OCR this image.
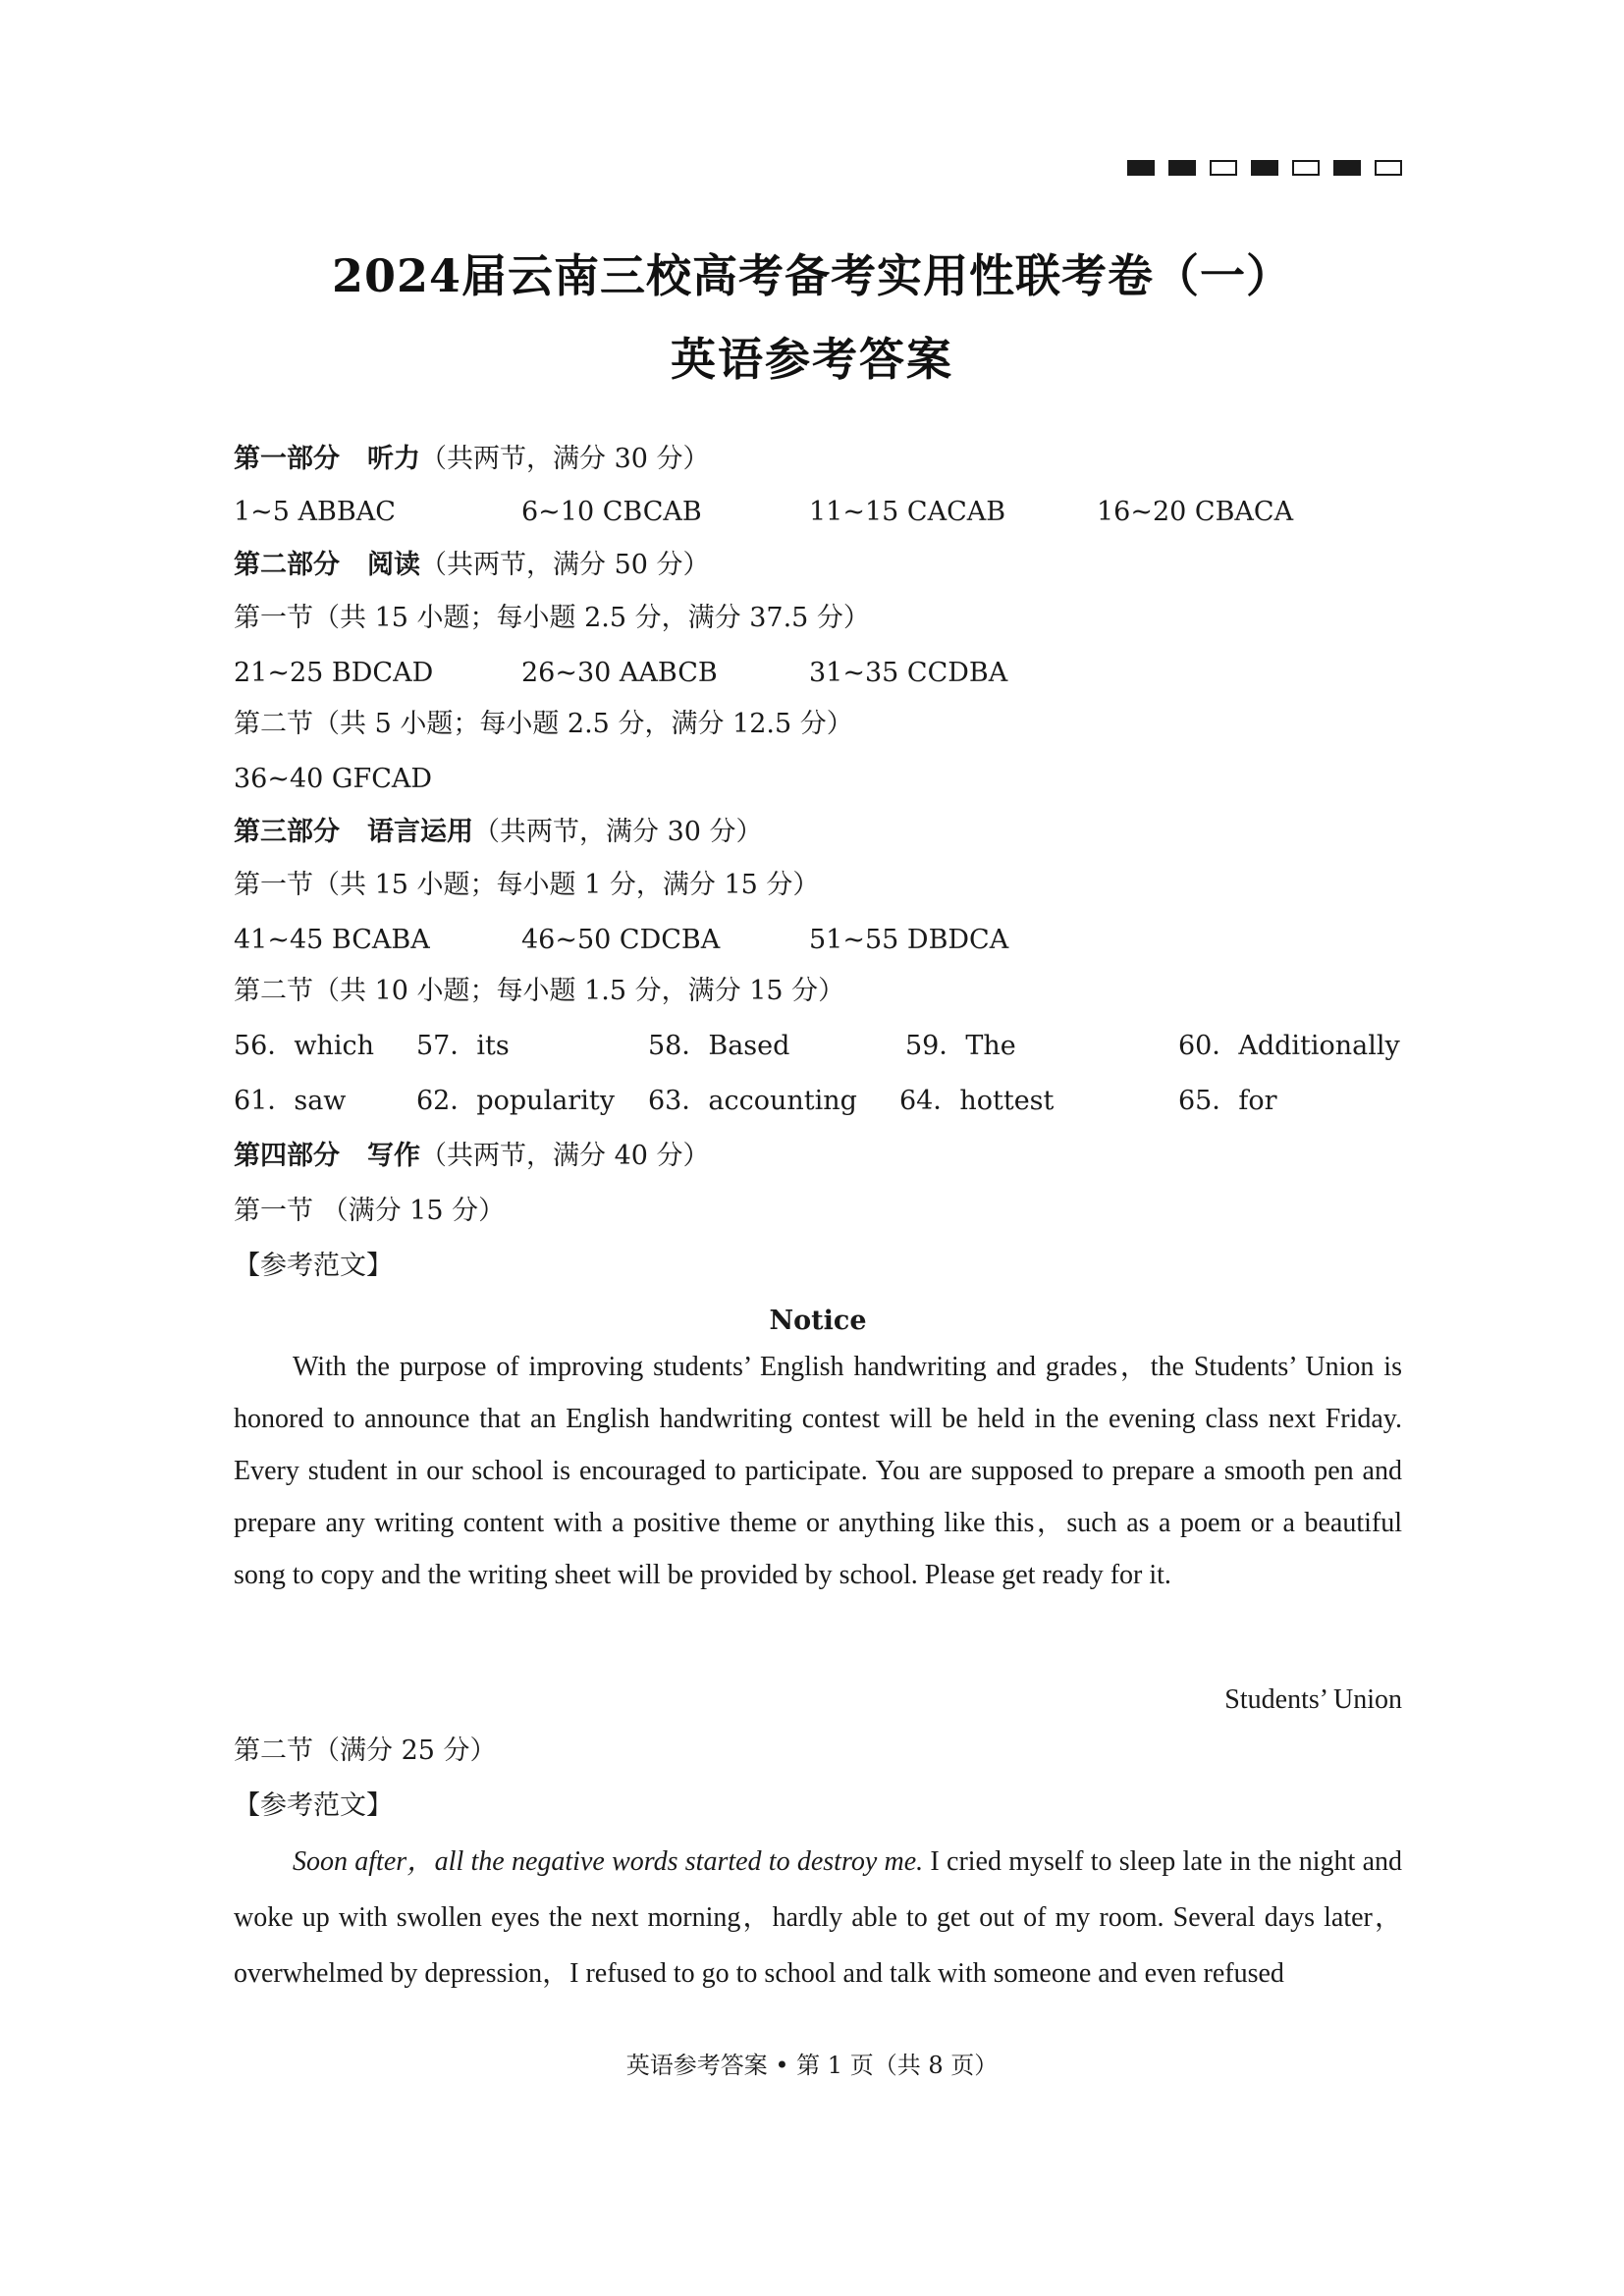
2024届云南三校高考备考实用性联考卷（一）
英语参考答案
第一部分 听力（共两节，满分 30 分）
1~5 ABBAC	6~10 CBCAB	11~15 CACAB	16~20 CBACA
第二部分 阅读（共两节，满分 50 分）
第一节（共 15 小题；每小题 2.5 分，满分 37.5 分）
21~25 BDCAD	26~30 AABCB	31~35 CCDBA
第二节（共 5 小题；每小题 2.5 分，满分 12.5 分）
36~40 GFCAD
第三部分 语言运用（共两节，满分 30 分）
第一节（共 15 小题；每小题 1 分，满分 15 分）
41~45 BCABA	46~50 CDCBA	51~55 DBDCA
第二节（共 10 小题；每小题 1.5 分，满分 15 分）
56．which 57．its	58．Based	59．The	60．Additionally
61．saw	62．popularity 63．accounting 64．hottest	65．for
第四部分 写作（共两节，满分 40 分）
第一节 （满分 15 分）
【参考范文】
Notice
With the purpose of improving students’ English handwriting and grades，the Students’ Union is honored to announce that an English handwriting contest will be held in the evening class next Friday. Every student in our school is encouraged to participate. You are supposed to prepare a smooth pen and prepare any writing content with a positive theme or anything like this，such as a poem or a beautiful song to copy and the writing sheet will be provided by school. Please get ready for it.
Students’ Union
第二节（满分 25 分）
【参考范文】
Soon after，all the negative words started to destroy me. I cried myself to sleep late in the night and woke up with swollen eyes the next morning，hardly able to get out of my room. Several days later，overwhelmed by depression，I refused to go to school and talk with someone and even refused
英语参考答案 • 第 1 页（共 8 页）
